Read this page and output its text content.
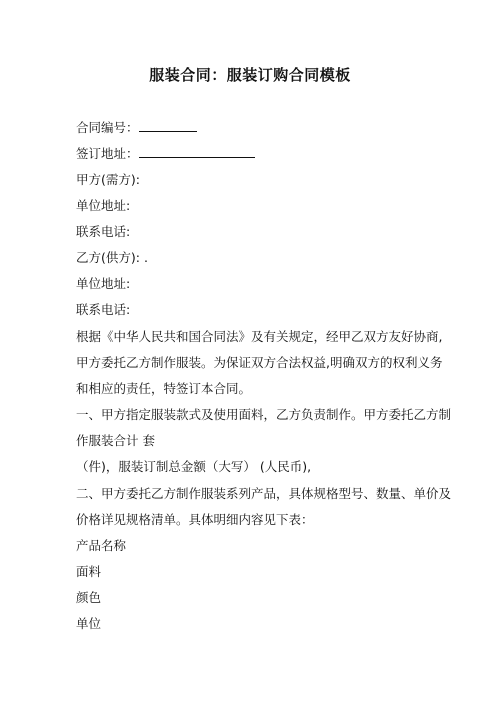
服装合同：服装订购合同模板
合同编号：
签订地址：
甲方(需方):
单位地址:
联系电话:
乙方(供方): .
单位地址:
联系电话:
根据《中华人民共和国合同法》及有关规定，经甲乙双方友好协商,
甲方委托乙方制作服装。为保证双方合法权益,明确双方的权利义务
和相应的责任，特签订本合同。
一、甲方指定服装款式及使用面料，乙方负责制作。甲方委托乙方制
作服装合计 套
（件)，服装订制总金额（大写） (人民币),
二、甲方委托乙方制作服装系列产品，具体规格型号、数量、单价及
价格详见规格清单。具体明细内容见下表：
产品名称
面料
颜色
单位
